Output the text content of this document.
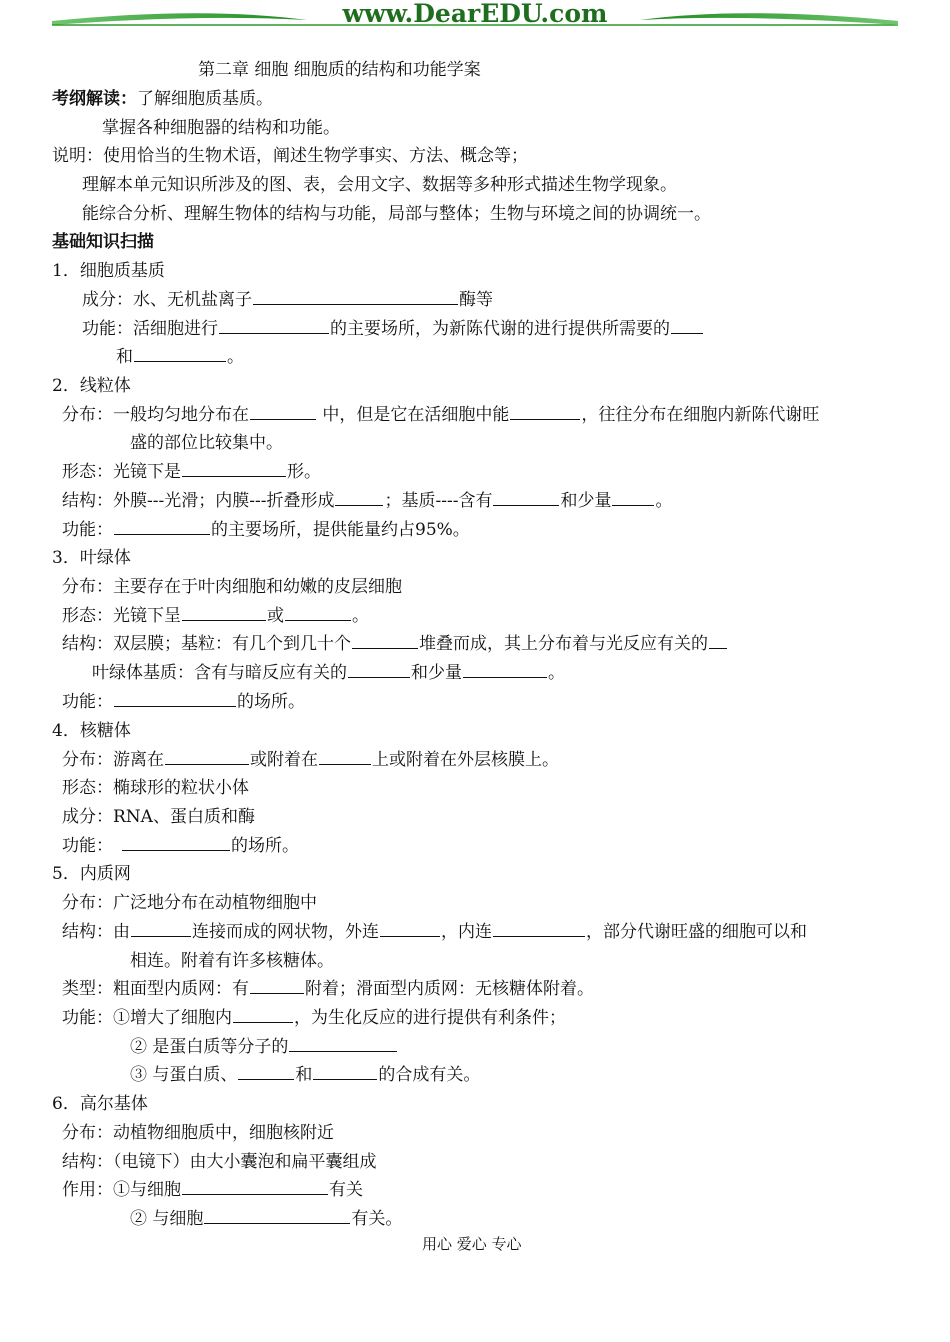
www.DearEDU.com
第二章 细胞 细胞质的结构和功能学案
考纲解读：了解细胞质基质。
掌握各种细胞器的结构和功能。
说明：使用恰当的生物术语，阐述生物学事实、方法、概念等；
理解本单元知识所涉及的图、表，会用文字、数据等多种形式描述生物学现象。
能综合分析、理解生物体的结构与功能，局部与整体；生物与环境之间的协调统一。
基础知识扫描
1．细胞质基质
成分：水、无机盐离子	酶等
功能：活细胞进行	的主要场所，为新陈代谢的进行提供所需要的
和	。
2．线粒体
分布：一般均匀地分布在	中，但是它在活细胞中能	，往往分布在细胞内新陈代谢旺
盛的部位比较集中。
形态：光镜下是	形。
结构：外膜---光滑；内膜---折叠形成	；基质----含有	和少量	。
功能：	的主要场所，提供能量约占95%。
3．叶绿体
分布：主要存在于叶肉细胞和幼嫩的皮层细胞
形态：光镜下呈	或	。
结构：双层膜；基粒：有几个到几十个	堆叠而成，其上分布着与光反应有关的
叶绿体基质：含有与暗反应有关的	和少量	。
功能：	的场所。
4．核糖体
分布：游离在	或附着在	上或附着在外层核膜上。
形态：椭球形的粒状小体
成分：RNA、蛋白质和酶
功能：	的场所。
5．内质网
分布：广泛地分布在动植物细胞中
结构：由	连接而成的网状物，外连	，内连	，部分代谢旺盛的细胞可以和
相连。附着有许多核糖体。
类型：粗面型内质网：有	附着；滑面型内质网：无核糖体附着。
功能：①增大了细胞内	，为生化反应的进行提供有利条件；
② 是蛋白质等分子的
③ 与蛋白质、	和	的合成有关。
6．高尔基体
分布：动植物细胞质中，细胞核附近
结构：（电镜下）由大小囊泡和扁平囊组成
作用：①与细胞	有关
② 与细胞	有关。
用心 爱心 专心
